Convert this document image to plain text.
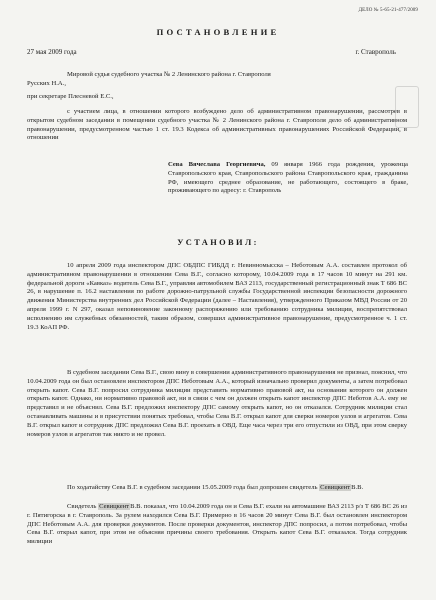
ДЕЛО № 5-65-21-477/2009
ПОСТАНОВЛЕНИЕ
27 мая 2009 года	г. Ставрополь
Мировой судья судебного участка № 2 Ленинского района г. Ставрополя
Русских Н.А.,
при секретаре Плесневой Е.С.,
с участием лица, в отношении которого возбуждено дело об административном правонарушении, рассмотрев в открытом судебном заседании в помещении судебного участка № 2 Ленинского района г. Ставрополя дело об административном правонарушении, предусмотренном частью 1 ст. 19.3 Кодекса об административных правонарушениях Российской Федерации, в отношении
Сева Вячеслава Георгиевича, 09 января 1966 года рождения, уроженца Ставропольского края, Ставропольского района Ставропольского края, гражданина РФ, имеющего среднее образование, не работающего, состоящего в браке, проживающего по адресу: г. Ставрополь
УСТАНОВИЛ:
10 апреля 2009 года инспектором ДПС ОБДПС ГИБДД г. Невинномысска – Неботовым А.А. составлен протокол об административном правонарушении в отношении Сева В.Г., согласно которому, 10.04.2009 года в 17 часов 10 минут на 291 км. федеральной дороги «Кавказ» водитель Сева В.Г., управляя автомобилем ВАЗ 2113, государственный регистрационный знак Т 686 ВС 26, в нарушение п. 16.2 наставления по работе дорожно-патрульной службы Государственной инспекции безопасности дорожного движения Министерства внутренних дел Российской Федерации (далее – Наставления), утвержденного Приказом МВД России от 20 апреля 1999 г. N 297, оказал неповиновение законному распоряжению или требованию сотрудника милиции, воспрепятствовал исполнению им служебных обязанностей, таким образом, совершил административное правонарушение, предусмотренное ч. 1 ст. 19.3 КоАП РФ.
В судебном заседании Сева В.Г., свою вину в совершении административного правонарушения не признал, пояснил, что 10.04.2009 года он был остановлен инспектором ДПС Неботовым А.А., который изначально проверил документы, а затем потребовал открыть капот. Сева В.Г. попросил сотрудника милиции представить нормативно правовой акт, на основании которого он должен открыть капот. Однако, ни нормативно правовой акт, ни в связи с чем он должен открыть капот инспектор ДПС Неботов А.А. ему не представил и не объяснил. Сева В.Г. предложил инспектору ДПС самому открыть капот, но он отказался. Сотрудник милиции стал останавливать машины и в присутствии понятых требовал, чтобы Сева В.Г. открыл капот для сверки номеров узлов и агрегатов. Сева В.Г. открыл капот и сотрудник ДПС предложил Сева В.Г. проехать в ОВД. Еще часа через три его отпустили из ОВД, при этом сверку номеров узлов и агрегатов так никто и не провел.
По ходатайству Сева В.Г. в судебном заседании 15.05.2009 года был допрошен свидетель СевицкентВ.В.
Свидетель СевицкентВ.В. показал, что 10.04.2009 года он и Сева В.Г. ехали на автомашине ВАЗ 2113 р/з Т 686 ВС 26 из г. Пятигорска в г. Ставрополь. За рулем находился Сева В.Г. Примерно в 16 часов 20 минут Сева В.Г. был остановлен инспектором ДПС Неботовым А.А. для проверки документов. После проверки документов, инспектор ДПС попросил, а потом потребовал, чтобы Сева В.Г. открыл капот, при этом не объясняя причины своего требования. Открыть капот Сева В.Г. отказался. Тогда сотрудник милиции
